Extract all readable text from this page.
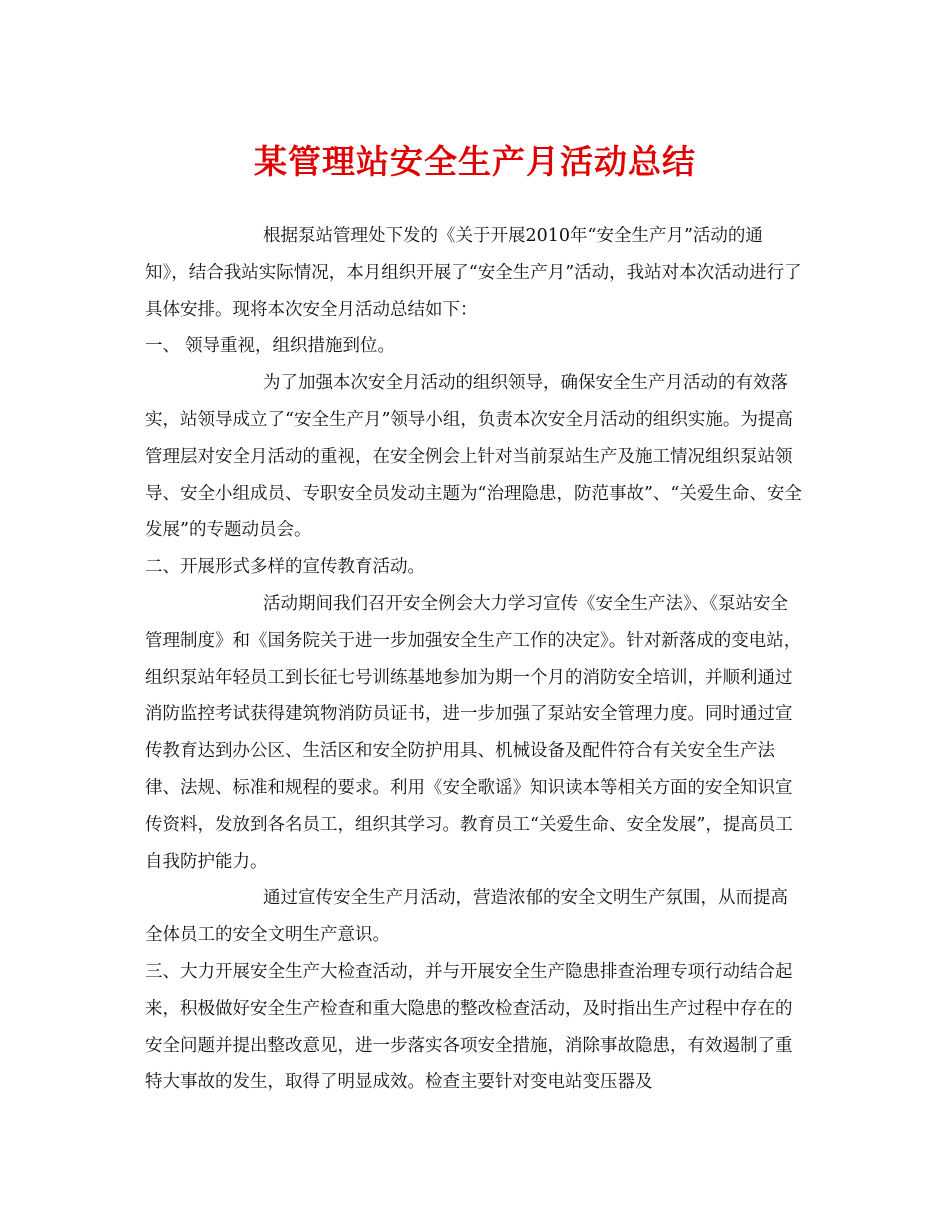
某管理站安全生产月活动总结

根据泵站管理处下发的《关于开展2010年“安全生产月”活动的通知》，结合我站实际情况，本月组织开展了“安全生产月”活动，我站对本次活动进行了具体安排。现将本次安全月活动总结如下：

一、 领导重视，组织措施到位。

为了加强本次安全月活动的组织领导，确保安全生产月活动的有效落实，站领导成立了“安全生产月”领导小组，负责本次安全月活动的组织实施。为提高管理层对安全月活动的重视，在安全例会上针对当前泵站生产及施工情况组织泵站领导、安全小组成员、专职安全员发动主题为“治理隐患，防范事故”、“关爱生命、安全发展”的专题动员会。

二、开展形式多样的宣传教育活动。

活动期间我们召开安全例会大力学习宣传《安全生产法》、《泵站安全管理制度》和《国务院关于进一步加强安全生产工作的决定》。针对新落成的变电站，组织泵站年轻员工到长征七号训练基地参加为期一个月的消防安全培训，并顺利通过消防监控考试获得建筑物消防员证书，进一步加强了泵站安全管理力度。同时通过宣传教育达到办公区、生活区和安全防护用具、机械设备及配件符合有关安全生产法律、法规、标准和规程的要求。利用《安全歌谣》知识读本等相关方面的安全知识宣传资料，发放到各名员工，组织其学习。教育员工“关爱生命、安全发展”，提高员工自我防护能力。

通过宣传安全生产月活动，营造浓郁的安全文明生产氛围，从而提高全体员工的安全文明生产意识。

三、大力开展安全生产大检查活动，并与开展安全生产隐患排查治理专项行动结合起来，积极做好安全生产检查和重大隐患的整改检查活动，及时指出生产过程中存在的安全问题并提出整改意见，进一步落实各项安全措施，消除事故隐患，有效遏制了重特大事故的发生，取得了明显成效。检查主要针对变电站变压器及
